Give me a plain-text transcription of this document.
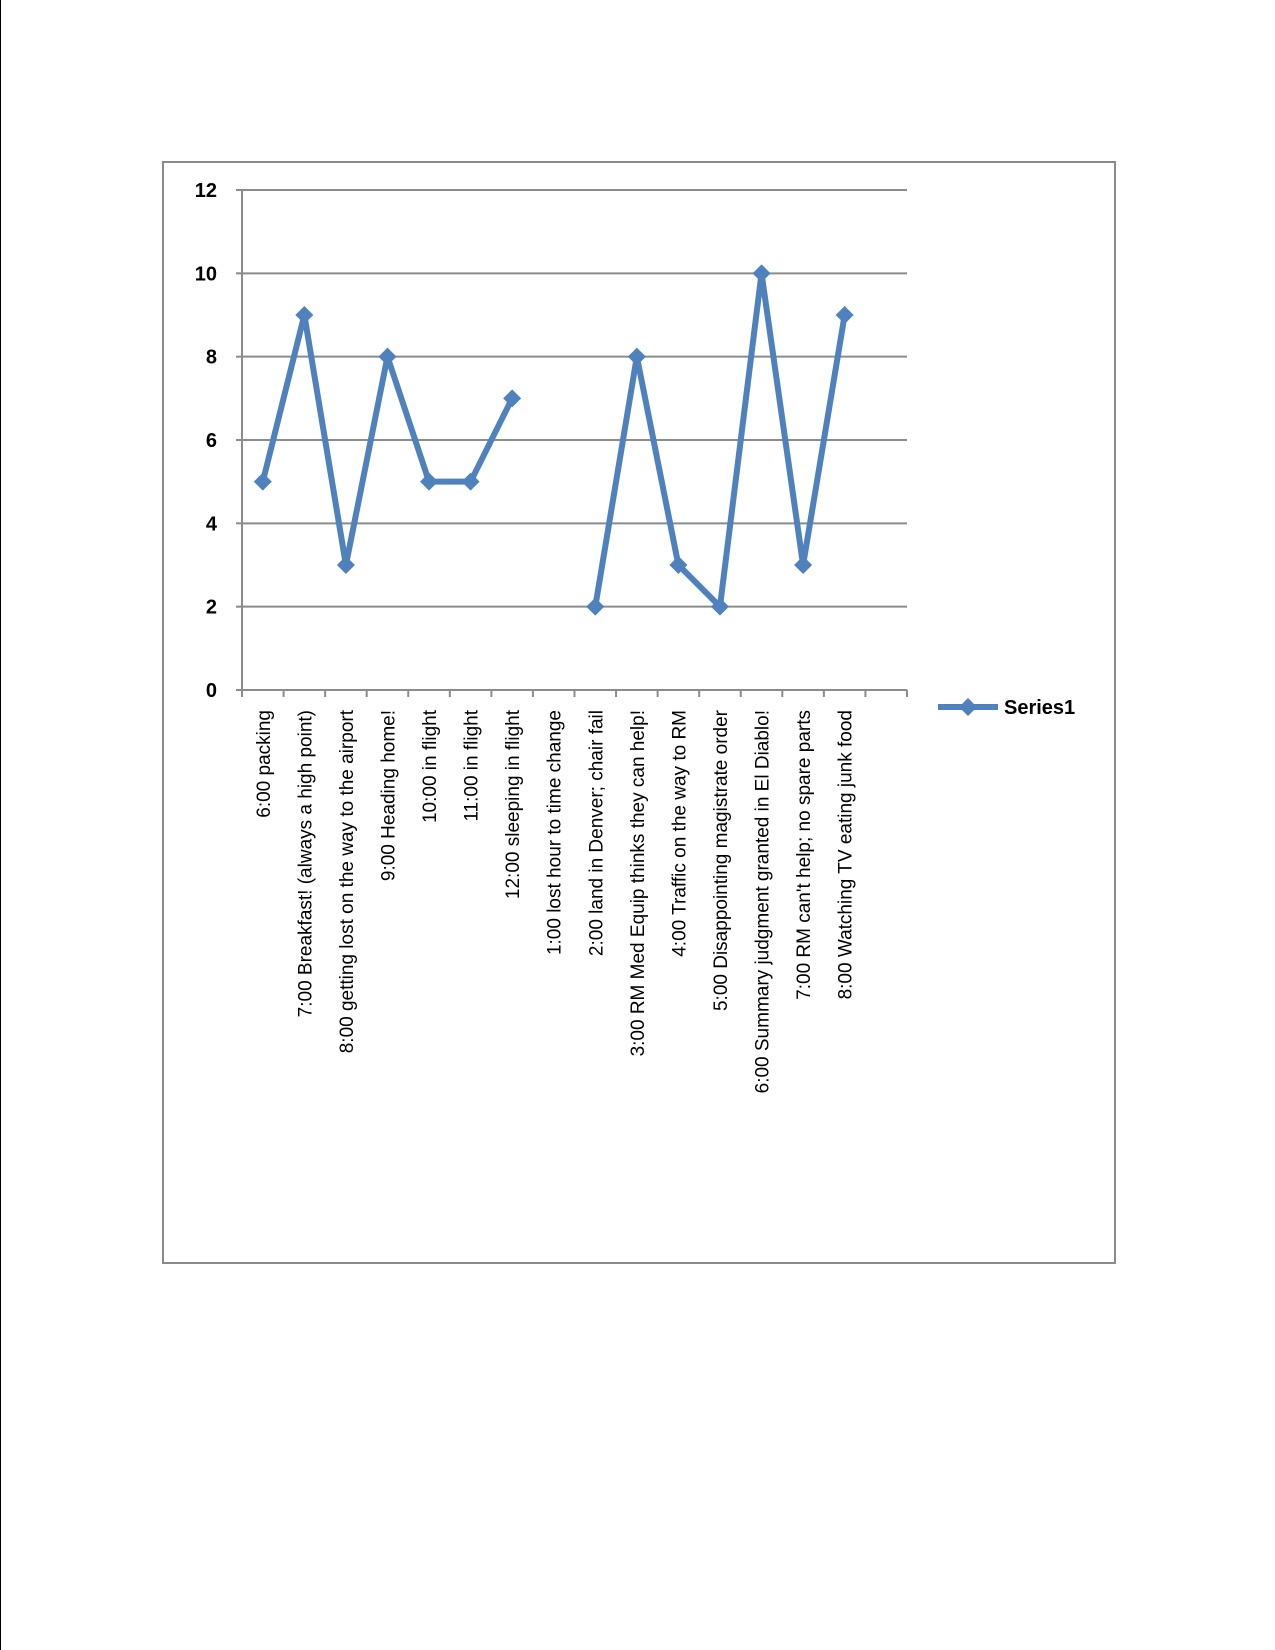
0
2
4
6
8
10
12
6:00 packing 7:00 Breakfast! (always a high point) 8:00 getting lost on the way to the airport 9:00 Heading home! 10:00 in flight 11:00 in flight 12:00 sleeping in flight 1:00 lost hour to time change 2:00 land in Denver; chair fail 3:00 RM Med Equip thinks they can help! 4:00 Traffic on the way to RM 5:00 Disappointing magistrate order 6:00 Summary judgment granted in El Diablo! 7:00 RM can't help; no spare parts 8:00 Watching TV eating junk food
Series1
